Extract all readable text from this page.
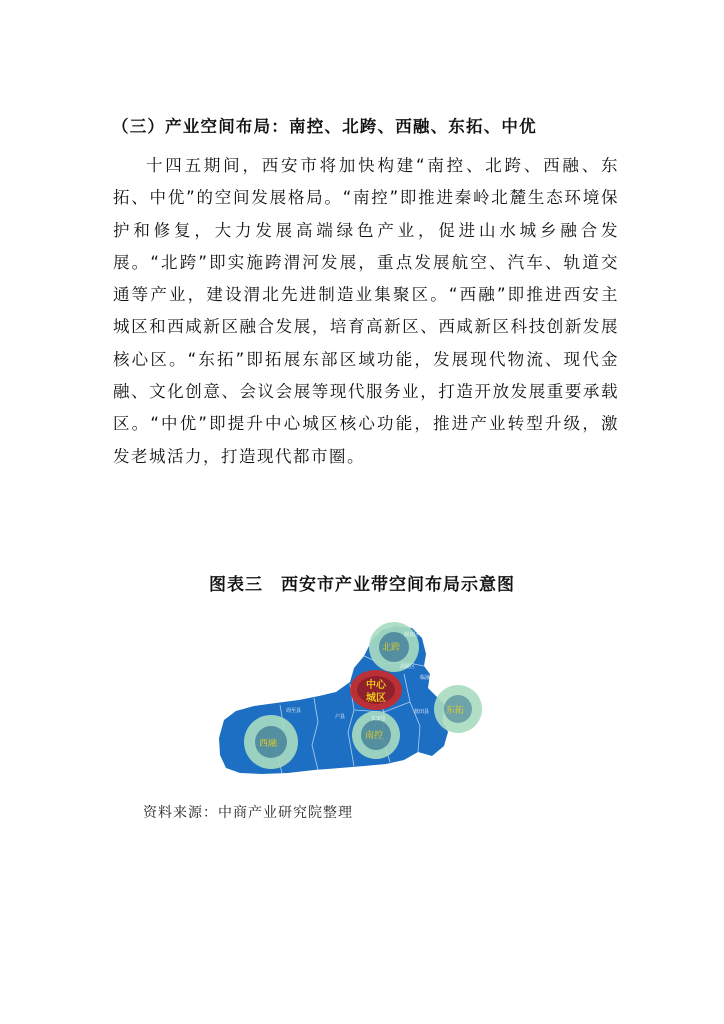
（三）产业空间布局：南控、北跨、西融、东拓、中优
十四五期间，西安市将加快构建“南控、北跨、西融、东拓、中优”的空间发展格局。“南控”即推进秦岭北麓生态环境保护和修复，大力发展高端绿色产业，促进山水城乡融合发展。“北跨”即实施跨渭河发展，重点发展航空、汽车、轨道交通等产业，建设渭北先进制造业集聚区。“西融”即推进西安主城区和西咸新区融合发展，培育高新区、西咸新区科技创新发展核心区。“东拓”即拓展东部区域功能，发展现代物流、现代金融、文化创意、会议会展等现代服务业，打造开放发展重要承载区。“中优”即提升中心城区核心功能，推进产业转型升级，激发老城活力，打造现代都市圈。
图表三　西安市产业带空间布局示意图
周至县
户县	长安区
蓝田县
高陵区
阎良区
临潼区
北跨
东拓
南控
西融
中心
城区
资料来源：中商产业研究院整理
